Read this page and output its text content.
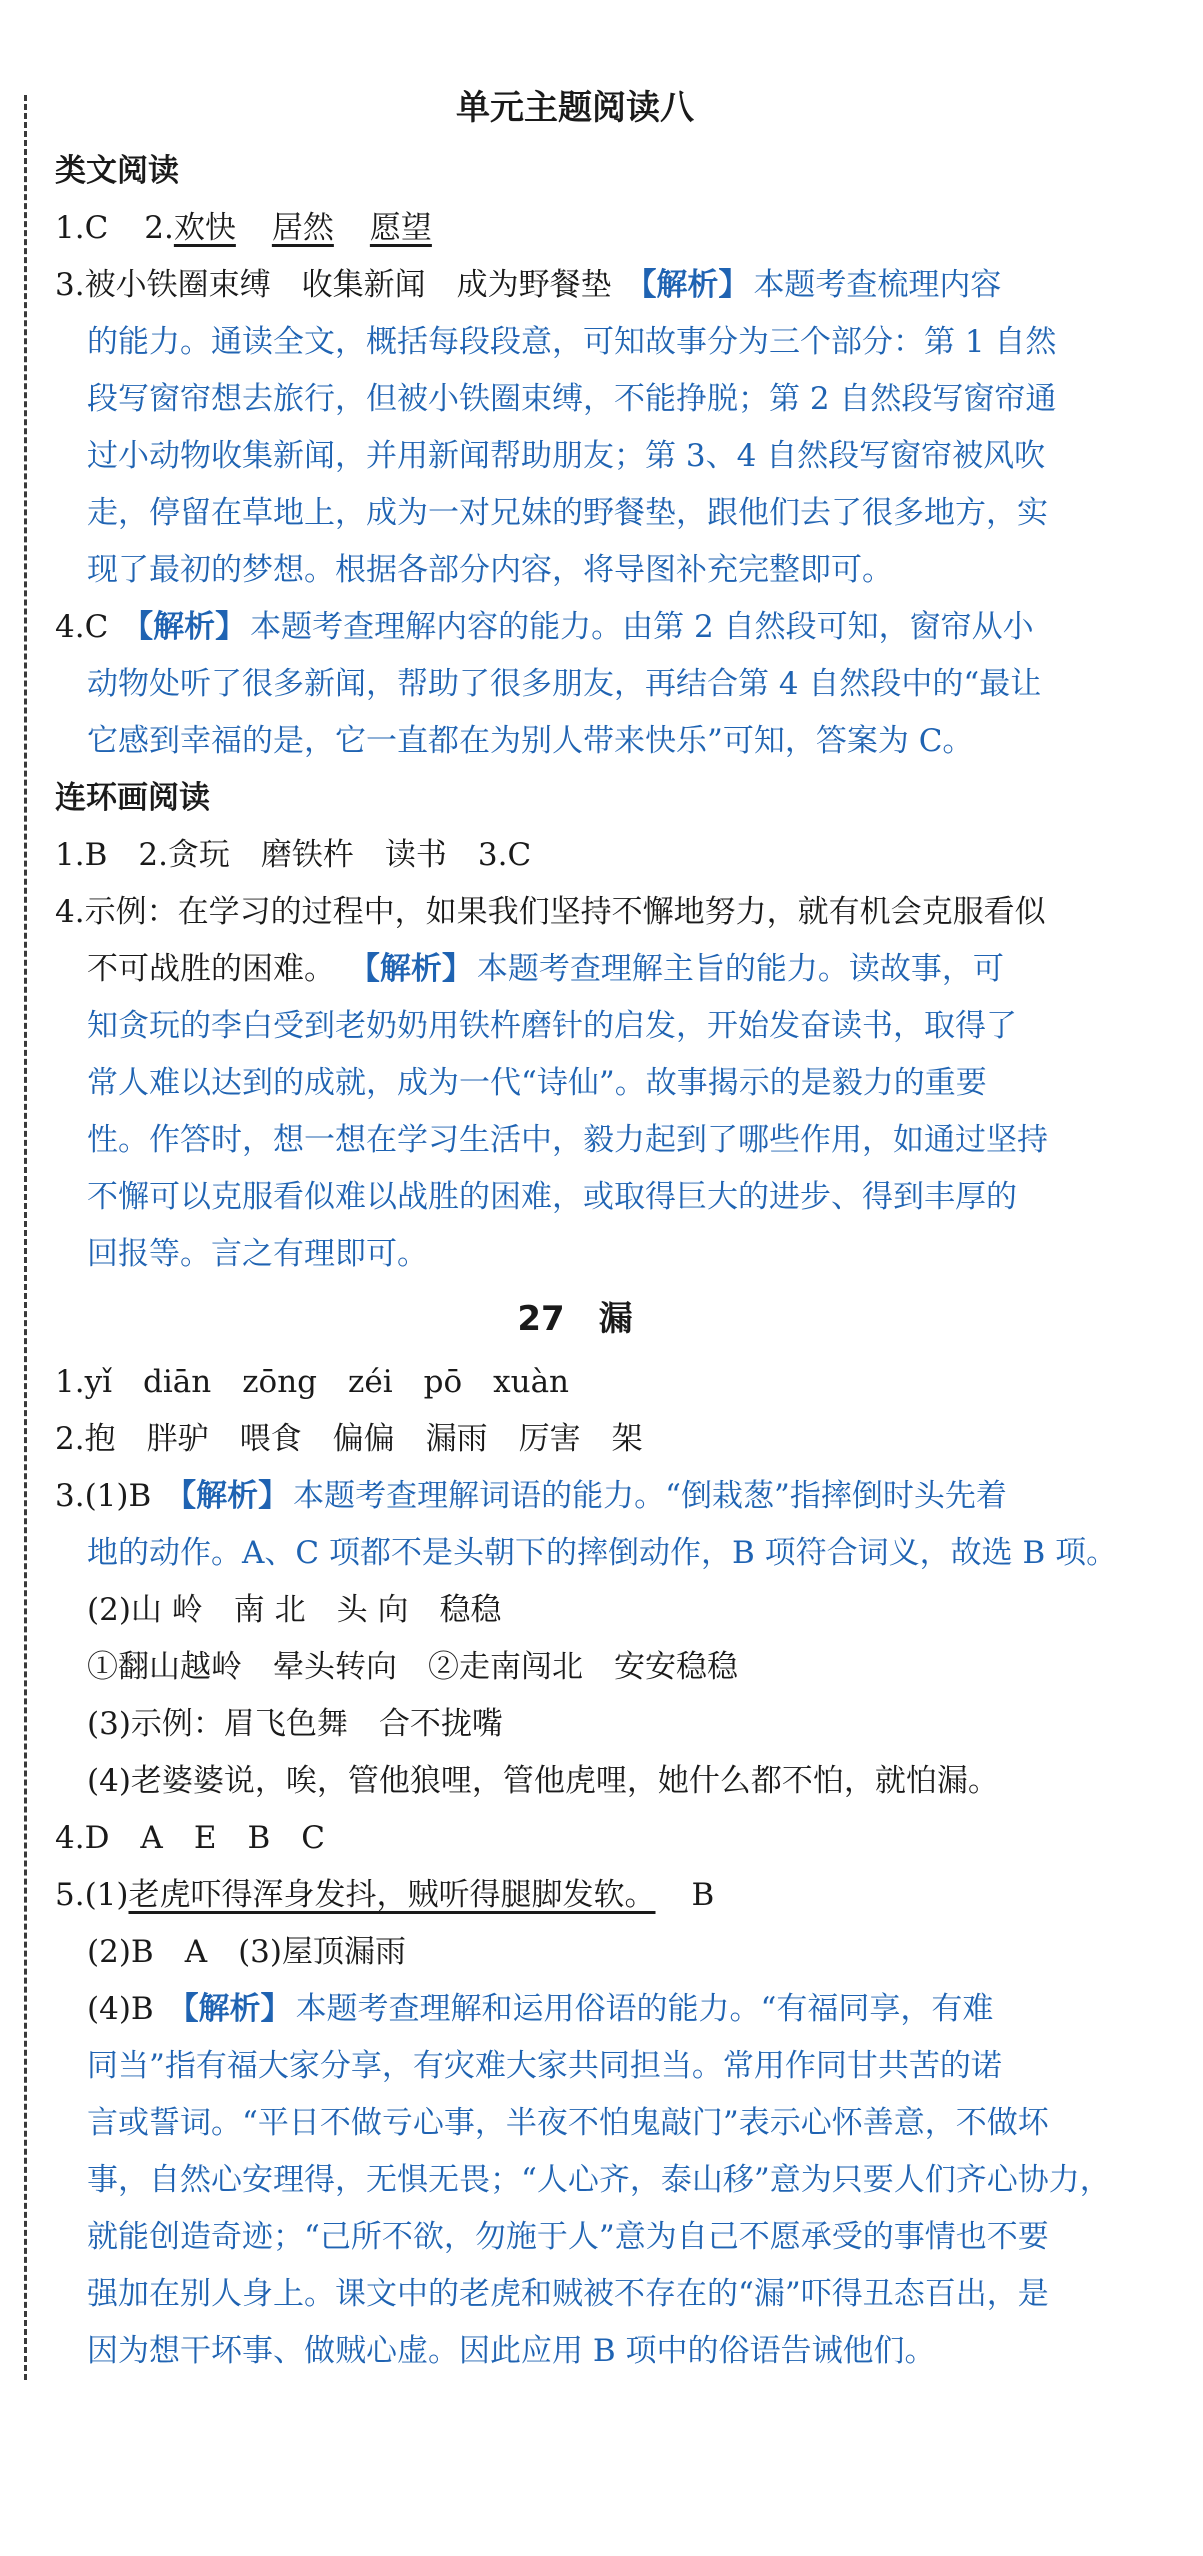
单元主题阅读八
类文阅读
1.C 2.欢快 居然 愿望
3.被小铁圈束缚　收集新闻　成为野餐垫 【解析】 本题考查梳理内容
的能力。通读全文，概括每段段意，可知故事分为三个部分：第 1 自然
段写窗帘想去旅行，但被小铁圈束缚，不能挣脱；第 2 自然段写窗帘通
过小动物收集新闻，并用新闻帮助朋友；第 3、4 自然段写窗帘被风吹
走，停留在草地上，成为一对兄妹的野餐垫，跟他们去了很多地方，实
现了最初的梦想。根据各部分内容，将导图补充完整即可。
4.C 【解析】 本题考查理解内容的能力。由第 2 自然段可知，窗帘从小
动物处听了很多新闻，帮助了很多朋友，再结合第 4 自然段中的“最让
它感到幸福的是，它一直都在为别人带来快乐”可知，答案为 C。
连环画阅读
1.B　2.贪玩　磨铁杵　读书　3.C
4.示例：在学习的过程中，如果我们坚持不懈地努力，就有机会克服看似
不可战胜的困难。 【解析】 本题考查理解主旨的能力。读故事，可
知贪玩的李白受到老奶奶用铁杵磨针的启发，开始发奋读书，取得了
常人难以达到的成就，成为一代“诗仙”。故事揭示的是毅力的重要
性。作答时，想一想在学习生活中，毅力起到了哪些作用，如通过坚持
不懈可以克服看似难以战胜的困难，或取得巨大的进步、得到丰厚的
回报等。言之有理即可。
27　漏
1.yǐ　diān　zōng　zéi　pō　xuàn
2.抱　胖驴　喂食　偏偏　漏雨　厉害　架
3.(1)B 【解析】 本题考查理解词语的能力。“倒栽葱”指摔倒时头先着
地的动作。A、C 项都不是头朝下的摔倒动作，B 项符合词义，故选 B 项。
(2)山 岭　南 北　头 向　稳稳
①翻山越岭　晕头转向　②走南闯北　安安稳稳
(3)示例：眉飞色舞　合不拢嘴
(4)老婆婆说，唉，管他狼哩，管他虎哩，她什么都不怕，就怕漏。
4.D　A　E　B　C
5.(1)老虎吓得浑身发抖，贼听得腿脚发软。 B
(2)B　A　(3)屋顶漏雨
(4)B 【解析】 本题考查理解和运用俗语的能力。“有福同享，有难
同当”指有福大家分享，有灾难大家共同担当。常用作同甘共苦的诺
言或誓词。“平日不做亏心事，半夜不怕鬼敲门”表示心怀善意，不做坏
事，自然心安理得，无惧无畏；“人心齐，泰山移”意为只要人们齐心协力，
就能创造奇迹；“己所不欲，勿施于人”意为自己不愿承受的事情也不要
强加在别人身上。课文中的老虎和贼被不存在的“漏”吓得丑态百出，是
因为想干坏事、做贼心虚。因此应用 B 项中的俗语告诫他们。
